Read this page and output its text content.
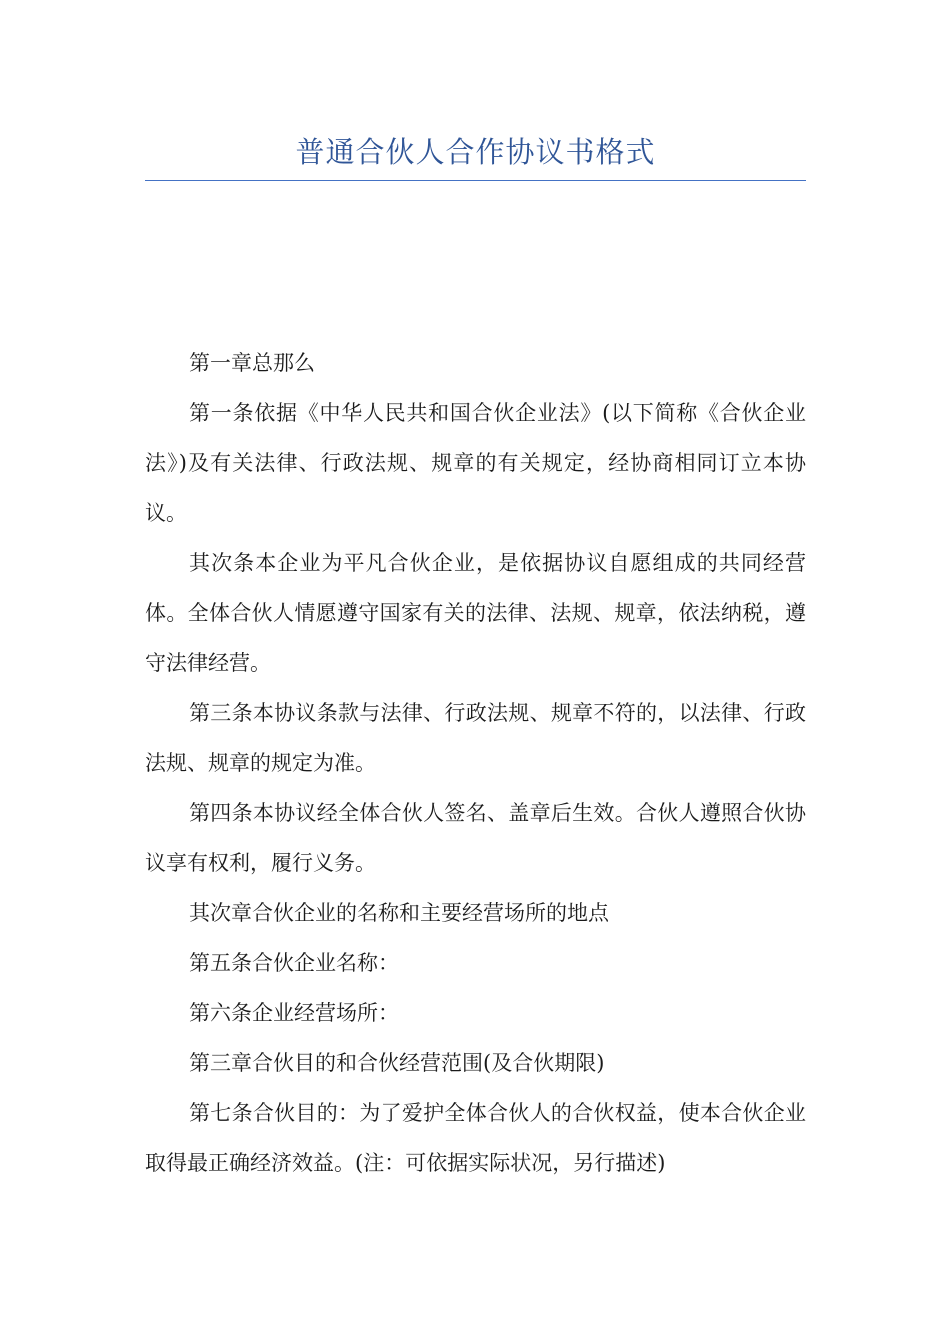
普通合伙人合作协议书格式

第一章总那么

第一条依据《中华人民共和国合伙企业法》(以下简称《合伙企业法》)及有关法律、行政法规、规章的有关规定，经协商相同订立本协议。

其次条本企业为平凡合伙企业，是依据协议自愿组成的共同经营体。全体合伙人情愿遵守国家有关的法律、法规、规章，依法纳税，遵守法律经营。

第三条本协议条款与法律、行政法规、规章不符的，以法律、行政法规、规章的规定为准。

第四条本协议经全体合伙人签名、盖章后生效。合伙人遵照合伙协议享有权利，履行义务。

其次章合伙企业的名称和主要经营场所的地点

第五条合伙企业名称：

第六条企业经营场所：

第三章合伙目的和合伙经营范围(及合伙期限)

第七条合伙目的：为了爱护全体合伙人的合伙权益，使本合伙企业取得最正确经济效益。(注：可依据实际状况，另行描述)
